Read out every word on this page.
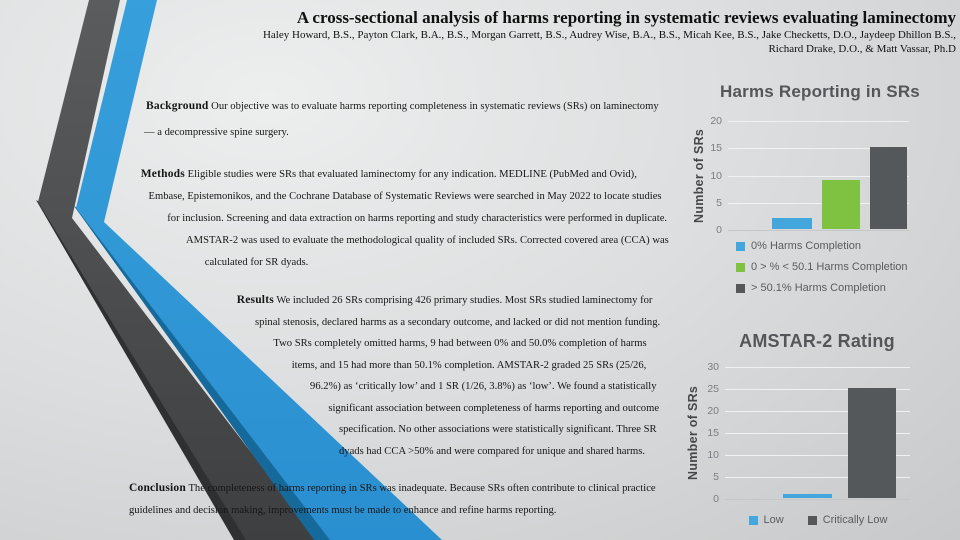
A cross-sectional analysis of harms reporting in systematic reviews evaluating laminectomy
Haley Howard, B.S., Payton Clark, B.A., B.S., Morgan Garrett, B.S., Audrey Wise, B.A., B.S., Micah Kee, B.S., Jake Checketts, D.O., Jaydeep Dhillon B.S.,
Richard Drake, D.O., & Matt Vassar, Ph.D

Background Our objective was to evaluate harms reporting completeness in systematic reviews (SRs) on laminectomy — a decompressive spine surgery.

Methods Eligible studies were SRs that evaluated laminectomy for any indication. MEDLINE (PubMed and Ovid), Embase, Epistemonikos, and the Cochrane Database of Systematic Reviews were searched in May 2022 to locate studies for inclusion. Screening and data extraction on harms reporting and study characteristics were performed in duplicate. AMSTAR-2 was used to evaluate the methodological quality of included SRs. Corrected covered area (CCA) was calculated for SR dyads.

Results We included 26 SRs comprising 426 primary studies. Most SRs studied laminectomy for spinal stenosis, declared harms as a secondary outcome, and lacked or did not mention funding. Two SRs completely omitted harms, 9 had between 0% and 50.0% completion of harms items, and 15 had more than 50.1% completion. AMSTAR-2 graded 25 SRs (25/26, 96.2%) as ‘critically low’ and 1 SR (1/26, 3.8%) as ‘low’. We found a statistically significant association between completeness of harms reporting and outcome specification. No other associations were statistically significant. Three SR dyads had CCA >50% and were compared for unique and shared harms.

Conclusion The completeness of harms reporting in SRs was inadequate. Because SRs often contribute to clinical practice guidelines and decision making, improvements must be made to enhance and refine harms reporting.

Harms Reporting in SRs
Number of SRs
0% Harms Completion
0 > % < 50.1 Harms Completion
> 50.1% Harms Completion
0
5
10
15
20
AMSTAR-2 Rating
Number of SRs
Low	Critically Low
0
5
10
15
20
25
30
